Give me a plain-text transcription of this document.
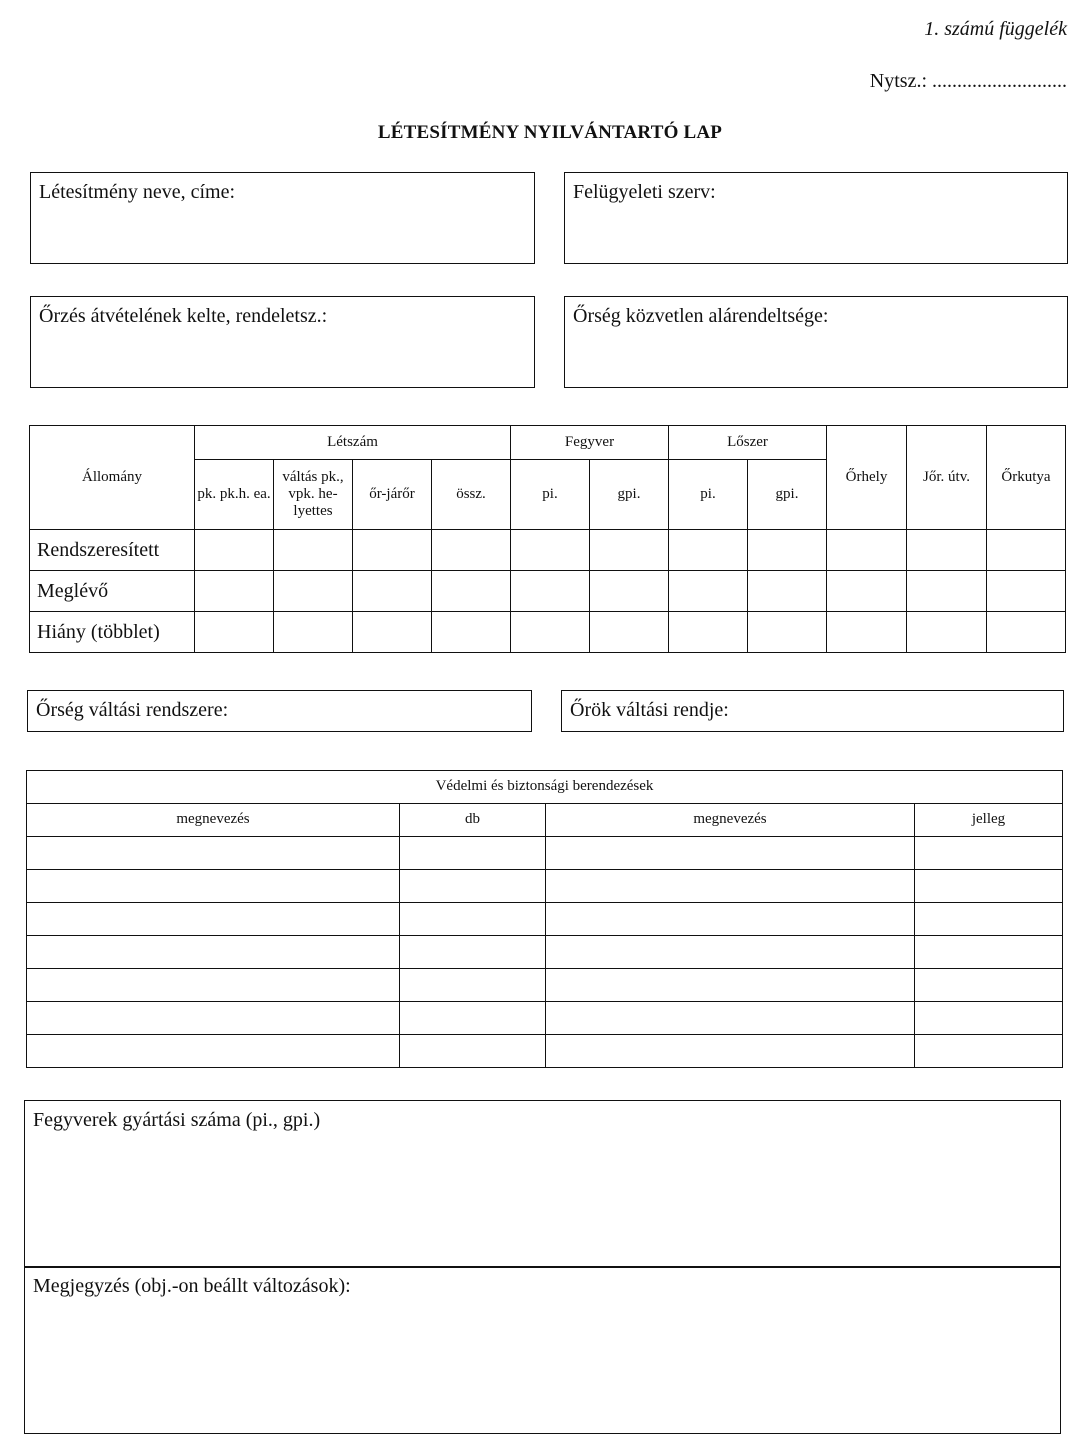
1. számú függelék
Nytsz.: ...........................
LÉTESÍTMÉNY NYILVÁNTARTÓ LAP
Létesítmény neve, címe:	Felügyeleti szerv:
Őrzés átvételének kelte, rendeletsz.:	Őrség közvetlen alárendeltsége:
Állomány	Létszám				Fegyver		Lőszer		Őrhely	Jőr. útv.	Őrkutya
	pk. pk.h. ea.	váltás pk., vpk. he-lyettes	őr-járőr	össz.	pi.	gpi.	pi.	gpi.			
Rendszeresített											
Meglévő											
Hiány (többlet)											
Őrség váltási rendszere:	Őrök váltási rendje:
Védelmi és biztonsági berendezések			
megnevezés	db	megnevezés	jelleg

Fegyverek gyártási száma (pi., gpi.)
Megjegyzés (obj.-on beállt változások):
